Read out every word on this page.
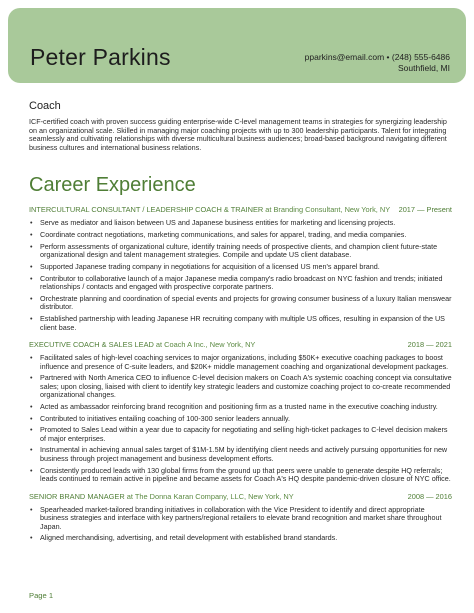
Peter Parkins	pparkins@email.com • (248) 555-6486
Southfield, MI
Coach
ICF-certified coach with proven success guiding enterprise-wide C-level management teams in strategies for synergizing leadership on an organizational scale. Skilled in managing major coaching projects with up to 300 leadership participants. Talent for integrating seamlessly and cultivating relationships with diverse multicultural business audiences; broad-based background navigating different business cultures and international business relations.
Career Experience
INTERCULTURAL CONSULTANT / LEADERSHIP COACH & TRAINER at Branding Consultant, New York, NY 2017 — Present
• Serve as mediator and liaison between US and Japanese business entities for marketing and licensing projects.
• Coordinate contract negotiations, marketing communications, and sales for apparel, trading, and media companies.
• Perform assessments of organizational culture, identify training needs of prospective clients, and champion client future-state organizational design and talent management strategies. Compile and update US client database.
• Supported Japanese trading company in negotiations for acquisition of a licensed US men's apparel brand.
• Contributor to collaborative launch of a major Japanese media company's radio broadcast on NYC fashion and trends; initiated relationships / contacts and engaged with prospective corporate partners.
• Orchestrate planning and coordination of special events and projects for growing consumer business of a luxury Italian menswear distributor.
• Established partnership with leading Japanese HR recruiting company with multiple US offices, resulting in expansion of the US client base.
EXECUTIVE COACH & SALES LEAD at Coach A Inc., New York, NY	2018 — 2021
• Facilitated sales of high-level coaching services to major organizations, including $50K+ executive coaching packages to boost influence and presence of C-suite leaders, and $20K+ middle management coaching and organizational development packages.
• Partnered with North America CEO to influence C-level decision makers on Coach A's systemic coaching concept via consultative sales; upon closing, liaised with client to identify key strategic leaders and customize coaching project to co-create recommended organizational changes.
• Acted as ambassador reinforcing brand recognition and positioning firm as a trusted name in the executive coaching industry.
• Contributed to initiatives entailing coaching of 100-300 senior leaders annually.
• Promoted to Sales Lead within a year due to capacity for negotiating and selling high-ticket packages to C-level decision makers of major enterprises.
• Instrumental in achieving annual sales target of $1M-1.5M by identifying client needs and actively pursuing opportunities for new business through project management and business development efforts.
• Consistently produced leads with 130 global firms from the ground up that peers were unable to generate despite HQ referrals; leads continued to remain active in pipeline and became assets for Coach A's HQ despite pandemic-driven closure of NYC office.
SENIOR BRAND MANAGER at The Donna Karan Company, LLC, New York, NY	2008 — 2016
• Spearheaded market-tailored branding initiatives in collaboration with the Vice President to identify and direct appropriate business strategies and interface with key partners/regional retailers to elevate brand recognition and market share throughout Japan.
• Aligned merchandising, advertising, and retail development with established brand standards.
Page 1
